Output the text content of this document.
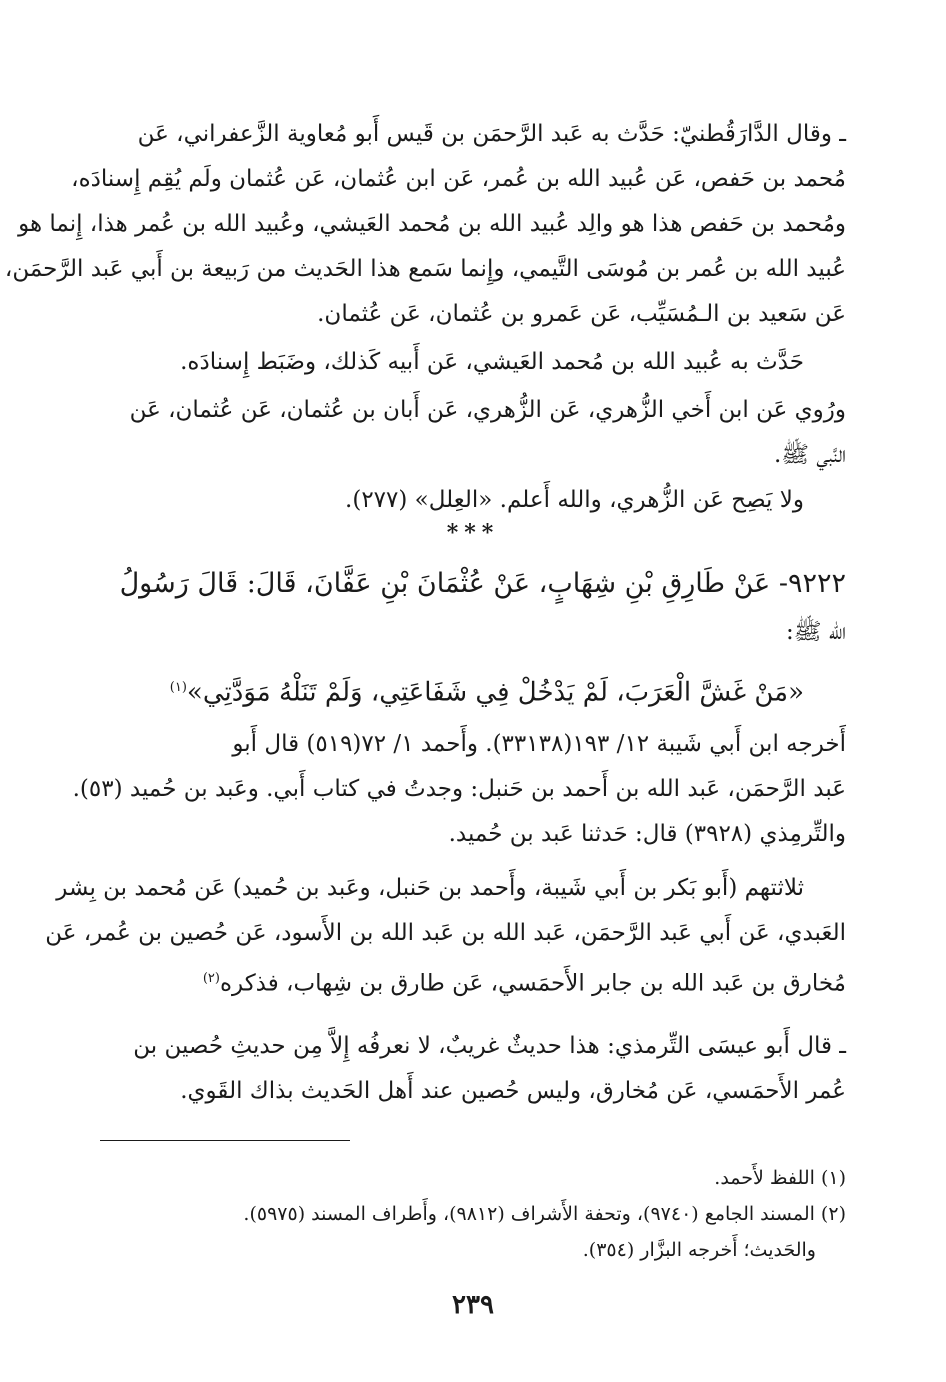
ـ وقال الدَّارَقُطنيّ: حَدَّث به عَبد الرَّحمَن بن قَيس أَبو مُعاوية الزَّعفراني، عَن
مُحمد بن حَفص، عَن عُبيد الله بن عُمر، عَن ابن عُثمان، عَن عُثمان ولَم يُقِم إِسنادَه،
ومُحمد بن حَفص هذا هو والِد عُبيد الله بن مُحمد العَيشي، وعُبيد الله بن عُمر هذا، إِنما هو
عُبيد الله بن عُمر بن مُوسَى التَّيمي، وإِنما سَمع هذا الحَديث من رَبيعة بن أَبي عَبد الرَّحمَن،
عَن سَعيد بن الـمُسَيِّب، عَن عَمرو بن عُثمان، عَن عُثمان.

حَدَّث به عُبيد الله بن مُحمد العَيشي، عَن أَبيه كَذلك، وضَبَط إِسنادَه.

ورُوي عَن ابن أَخي الزُّهري، عَن الزُّهري، عَن أَبان بن عُثمان، عَن عُثمان، عَن
النَّبي ﷺ.

ولا يَصِح عَن الزُّهري، والله أَعلم. «العِلل» (٢٧٧).

***

٩٢٢٢- عَنْ طَارِقِ بْنِ شِهَابٍ، عَنْ عُثْمَانَ بْنِ عَفَّانَ، قَالَ: قَالَ رَسُولُ
الله ﷺ:

«مَنْ غَشَّ الْعَرَبَ، لَمْ يَدْخُلْ فِي شَفَاعَتِي، وَلَمْ تَنَلْهُ مَوَدَّتِي»$^{(١)}$

أَخرجه ابن أَبي شَيبة ١٢/ ١٩٣(٣٣١٣٨). وأَحمد ١/ ٧٢(٥١٩) قال أَبو
عَبد الرَّحمَن، عَبد الله بن أَحمد بن حَنبل: وجدتُ في كتاب أَبي. وعَبد بن حُميد (٥٣).
والتِّرمِذي (٣٩٢٨) قال: حَدثنا عَبد بن حُميد.

ثلاثتهم (أَبو بَكر بن أَبي شَيبة، وأَحمد بن حَنبل، وعَبد بن حُميد) عَن مُحمد بن بِشر
العَبدي، عَن أَبي عَبد الرَّحمَن، عَبد الله بن عَبد الله بن الأَسود، عَن حُصين بن عُمر، عَن
مُخارق بن عَبد الله بن جابر الأَحمَسي، عَن طارق بن شِهاب، فذكره$^{(٢)}$

ـ قال أَبو عيسَى التِّرمذي: هذا حديثٌ غريبٌ، لا نعرفُه إِلاَّ مِن حديثِ حُصين بن
عُمر الأَحمَسي، عَن مُخارق، وليس حُصين عند أَهل الحَديث بذاك القَوي.

(١) اللفظ لأَحمد.

(٢) المسند الجامع (٩٧٤٠)، وتحفة الأَشراف (٩٨١٢)، وأَطراف المسند (٥٩٧٥).

والحَديث؛ أَخرجه البزَّار (٣٥٤).

٢٣٩
